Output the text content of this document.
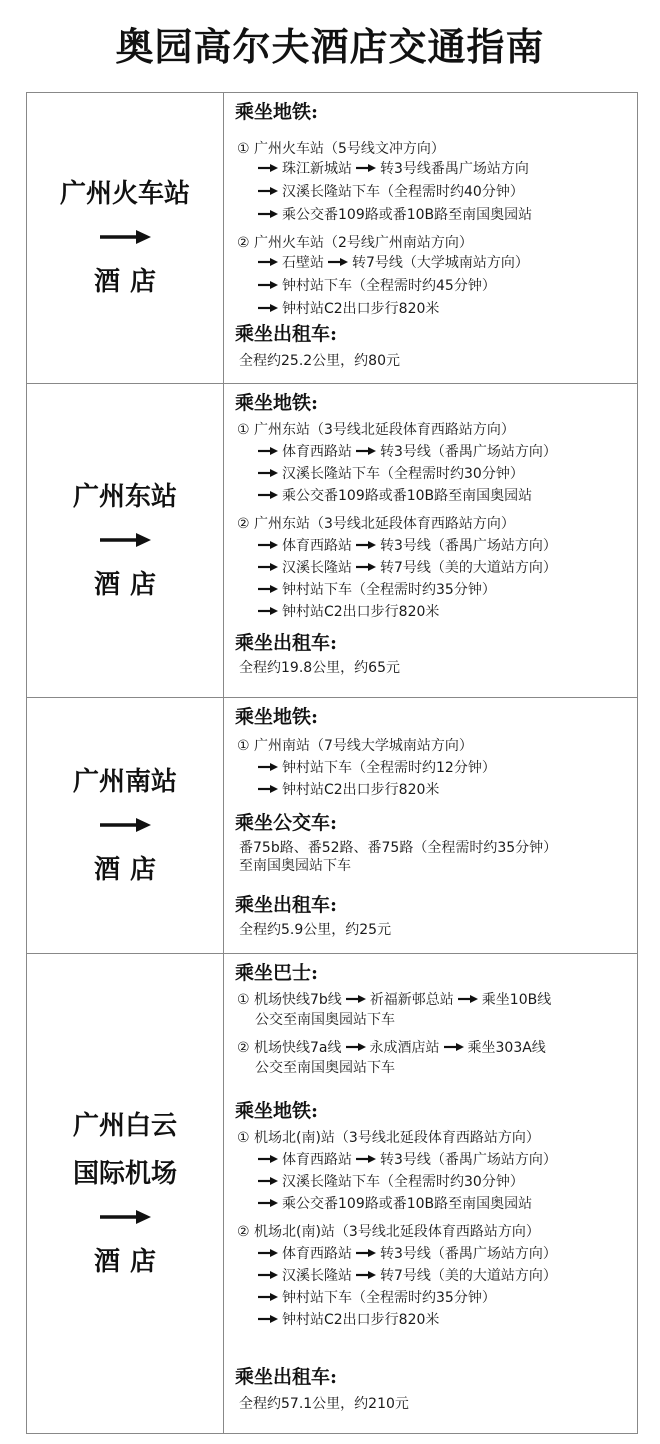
奥园高尔夫酒店交通指南
广州火车站
酒店
乘坐地铁:
① 广州火车站（5号线文冲方向）
珠江新城站 转3号线番禺广场站方向
汉溪长隆站下车（全程需时约40分钟）
乘公交番109路或番10B路至南国奥园站
② 广州火车站（2号线广州南站方向）
石壁站 转7号线（大学城南站方向）
钟村站下车（全程需时约45分钟）
钟村站C2出口步行820米
乘坐出租车:
全程约25.2公里，约80元
广州东站
酒店
乘坐地铁:
① 广州东站（3号线北延段体育西路站方向）
体育西路站 转3号线（番禺广场站方向）
汉溪长隆站下车（全程需时约30分钟）
乘公交番109路或番10B路至南国奥园站
② 广州东站（3号线北延段体育西路站方向）
体育西路站 转3号线（番禺广场站方向）
汉溪长隆站 转7号线（美的大道站方向）
钟村站下车（全程需时约35分钟）
钟村站C2出口步行820米
乘坐出租车:
全程约19.8公里，约65元
广州南站
酒店
乘坐地铁:
① 广州南站（7号线大学城南站方向）
钟村站下车（全程需时约12分钟）
钟村站C2出口步行820米
乘坐公交车:
番75b路、番52路、番75路（全程需时约35分钟）
至南国奥园站下车
乘坐出租车:
全程约5.9公里，约25元
广州白云
国际机场
酒店
乘坐巴士:
① 机场快线7b线 祈福新邨总站 乘坐10B线
公交至南国奥园站下车
② 机场快线7a线 永成酒店站 乘坐303A线
公交至南国奥园站下车
乘坐地铁:
① 机场北(南)站（3号线北延段体育西路站方向）
体育西路站 转3号线（番禺广场站方向）
汉溪长隆站下车（全程需时约30分钟）
乘公交番109路或番10B路至南国奥园站
② 机场北(南)站（3号线北延段体育西路站方向）
体育西路站 转3号线（番禺广场站方向）
汉溪长隆站 转7号线（美的大道站方向）
钟村站下车（全程需时约35分钟）
钟村站C2出口步行820米
乘坐出租车:
全程约57.1公里，约210元
